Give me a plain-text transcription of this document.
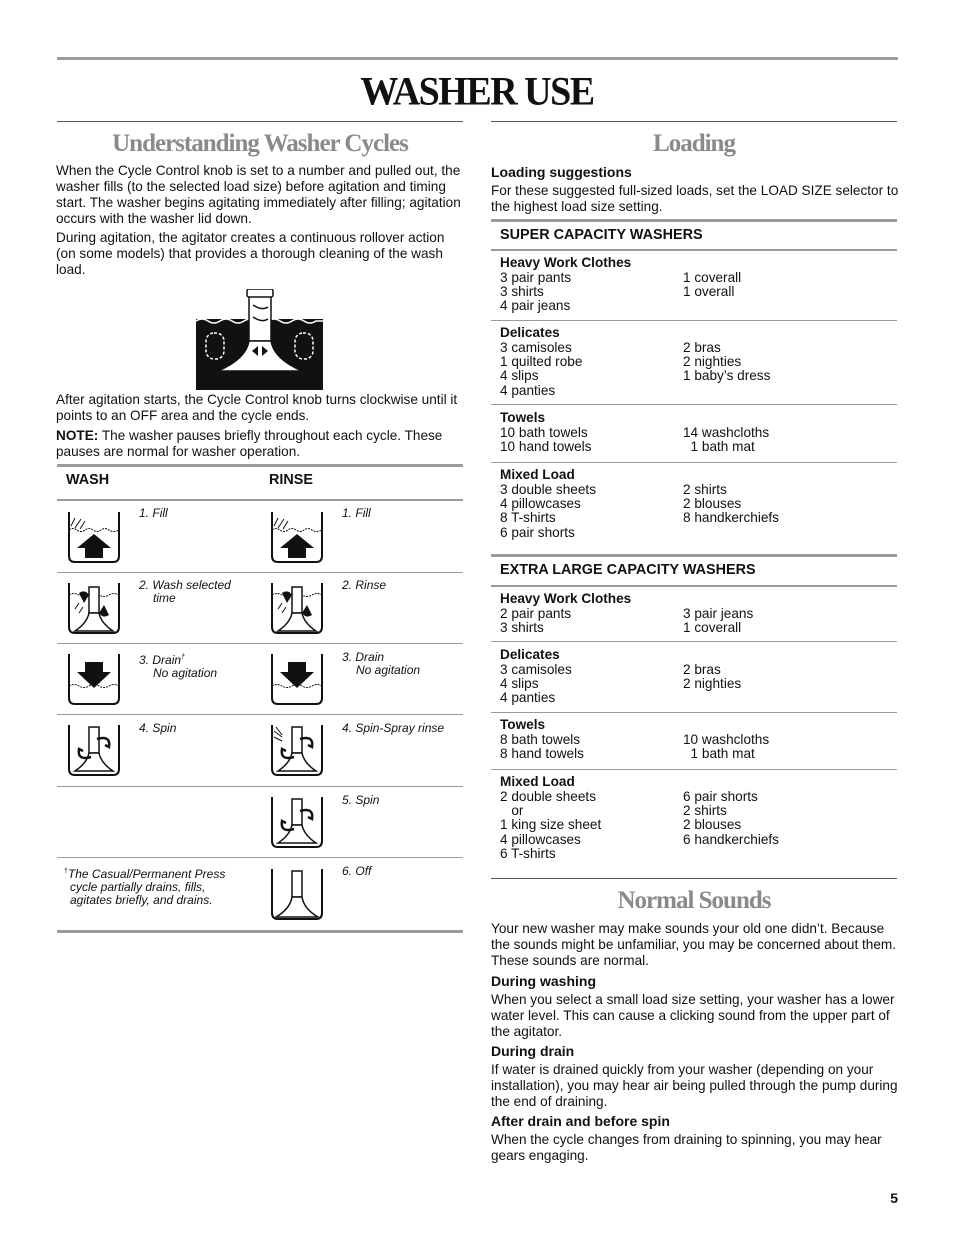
WASHER USE
Understanding Washer Cycles

When the Cycle Control knob is set to a number and pulled out, the washer fills (to the selected load size) before agitation and timing start. The washer begins agitating immediately after filling; agitation occurs with the washer lid down.

During agitation, the agitator creates a continuous rollover action (on some models) that provides a thorough cleaning of the wash load.

After agitation starts, the Cycle Control knob turns clockwise until it points to an OFF area and the cycle ends.

NOTE: The washer pauses briefly throughout each cycle. These pauses are normal for washer operation.

WASH	RINSE
1. Fill
2. Wash selected
time
3. Drain†
No agitation
4. Spin
1. Fill
2. Rinse
3. Drain
No agitation
4. Spin-Spray rinse
5. Spin
6. Off
†The Casual/Permanent Press
cycle partially drains, fills,
agitates briefly, and drains.
Loading
Loading suggestions

For these suggested full-sized loads, set the LOAD SIZE selector to the highest load size setting.

SUPER CAPACITY WASHERS
Heavy Work Clothes
3 pair pants
3 shirts
4 pair jeans
1 coverall
1 overall
Delicates
3 camisoles
1 quilted robe
4 slips
4 panties
2 bras
2 nighties
1 baby’s dress
Towels
10 bath towels
10 hand towels
14 washcloths
1 bath mat
Mixed Load
3 double sheets
4 pillowcases
8 T-shirts
6 pair shorts
2 shirts
2 blouses
8 handkerchiefs
EXTRA LARGE CAPACITY WASHERS
Heavy Work Clothes
2 pair pants
3 shirts
3 pair jeans
1 coverall
Delicates
3 camisoles
4 slips
4 panties
2 bras
2 nighties
Towels
8 bath towels
8 hand towels
10 washcloths
1 bath mat
Mixed Load
2 double sheets
or
1 king size sheet
4 pillowcases
6 T-shirts
6 pair shorts
2 shirts
2 blouses
6 handkerchiefs
Normal Sounds

Your new washer may make sounds your old one didn’t. Because the sounds might be unfamiliar, you may be concerned about them. These sounds are normal.

During washing

When you select a small load size setting, your washer has a lower water level. This can cause a clicking sound from the upper part of the agitator.

During drain

If water is drained quickly from your washer (depending on your installation), you may hear air being pulled through the pump during the end of draining.

After drain and before spin

When the cycle changes from draining to spinning, you may hear gears engaging.

5
